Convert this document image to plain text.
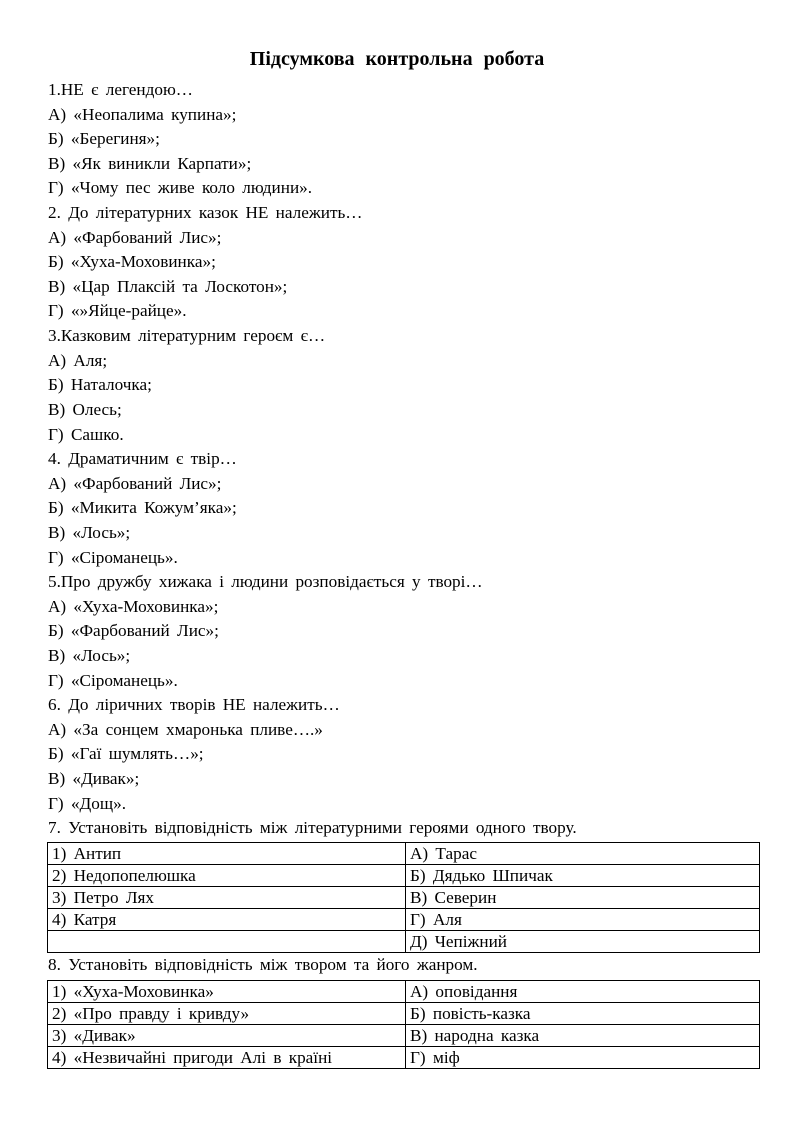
Підсумкова контрольна робота
1.НЕ є легендою…
А) «Неопалима купина»;
Б) «Берегиня»;
В) «Як виникли Карпати»;
Г) «Чому пес живе коло людини».
2. До літературних казок НЕ належить…
А) «Фарбований Лис»;
Б) «Хуха-Моховинка»;
В) «Цар Плаксій та Лоскотон»;
Г) «»Яйце-райце».
3.Казковим літературним героєм є…
А) Аля;
Б) Наталочка;
В) Олесь;
Г) Сашко.
4. Драматичним є твір…
А) «Фарбований Лис»;
Б) «Микита Кожум’яка»;
В) «Лось»;
Г) «Сіроманець».
5.Про дружбу хижака і людини розповідається у творі…
А) «Хуха-Моховинка»;
Б) «Фарбований Лис»;
В) «Лось»;
Г) «Сіроманець».
6. До ліричних творів НЕ належить…
А) «За сонцем хмаронька пливе….»
Б) «Гаї шумлять…»;
В) «Дивак»;
Г) «Дощ».
7. Установіть відповідність між літературними героями одного твору.
1) Антип	А) Тарас
2) Недопопелюшка	Б) Дядько Шпичак
3) Петро Лях	В) Северин
4) Катря	Г) Аля
	Д) Чепіжний
8. Установіть відповідність між твором та його жанром.
1) «Хуха-Моховинка»	А) оповідання
2) «Про правду і кривду»	Б) повість-казка
3) «Дивак»	В) народна казка
4) «Незвичайні пригоди Алі в країні	Г) міф
